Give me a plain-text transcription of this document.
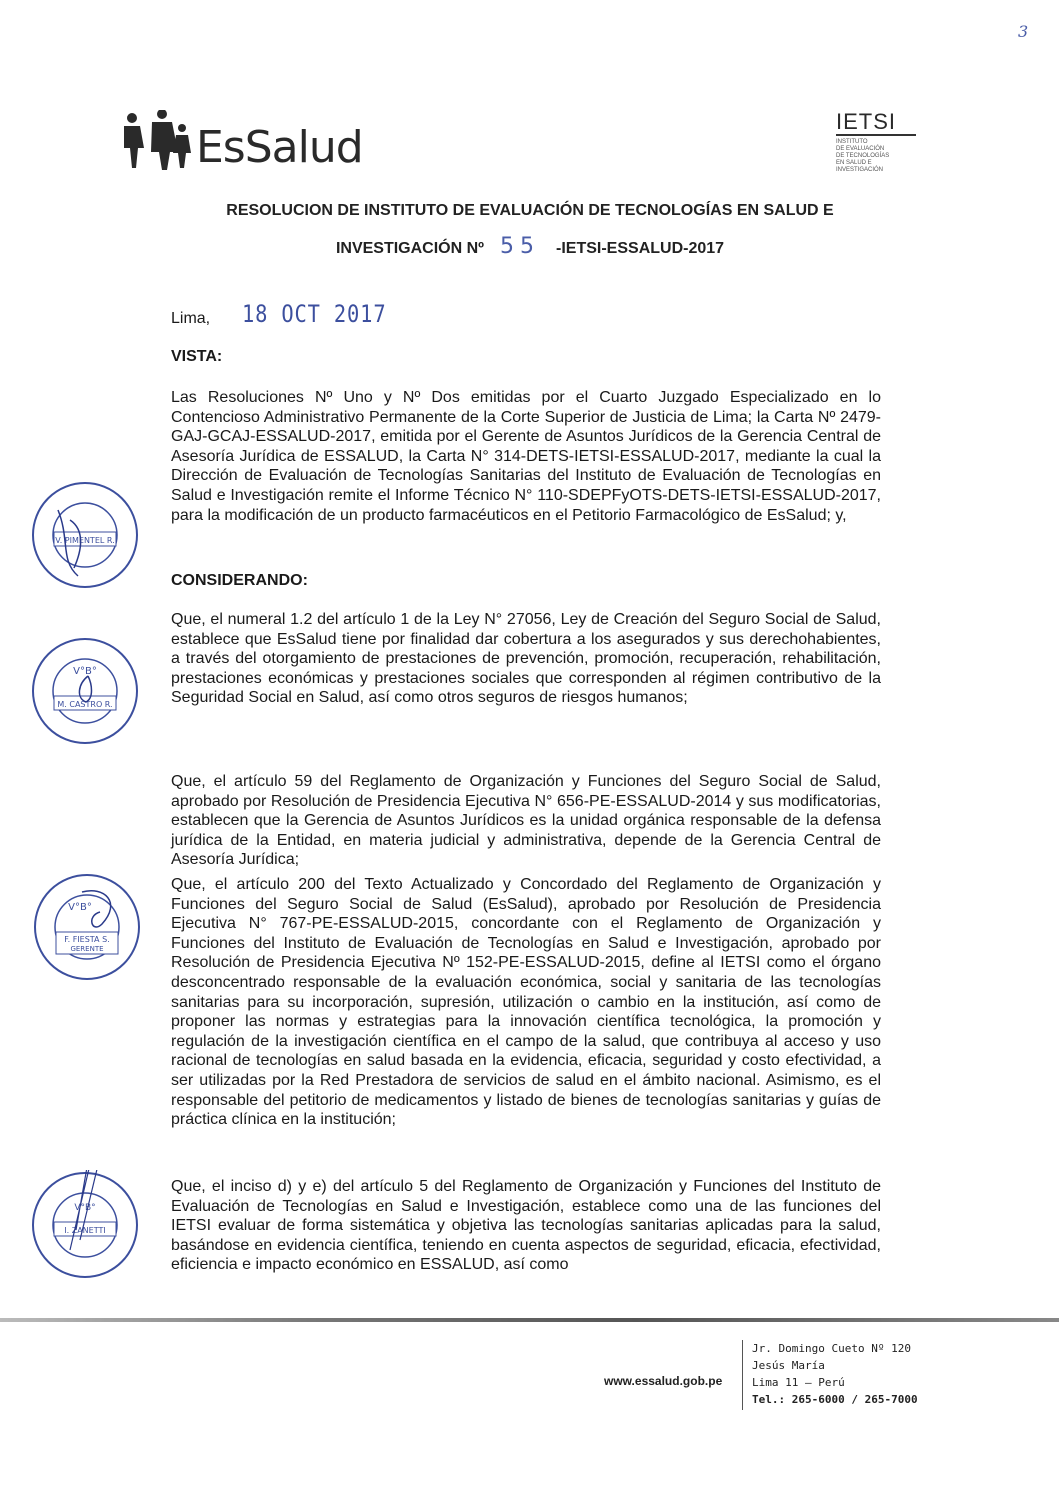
3
EsSalud
IETSI
INSTITUTO
DE EVALUACIÓN
DE TECNOLOGÍAS
EN SALUD E
INVESTIGACIÓN
RESOLUCION DE INSTITUTO DE EVALUACIÓN DE TECNOLOGÍAS EN SALUD E
INVESTIGACIÓN Nº 55 -IETSI-ESSALUD-2017
Lima, 18 OCT 2017
VISTA:
Las Resoluciones Nº Uno y Nº Dos emitidas por el Cuarto Juzgado Especializado en lo Contencioso Administrativo Permanente de la Corte Superior de Justicia de Lima; la Carta Nº 2479-GAJ-GCAJ-ESSALUD-2017, emitida por el Gerente de Asuntos Jurídicos de la Gerencia Central de Asesoría Jurídica de ESSALUD, la Carta N° 314-DETS-IETSI-ESSALUD-2017, mediante la cual la Dirección de Evaluación de Tecnologías Sanitarias del Instituto de Evaluación de Tecnologías en Salud e Investigación remite el Informe Técnico N° 110-SDEPFyOTS-DETS-IETSI-ESSALUD-2017, para la modificación de un producto farmacéuticos en el Petitorio Farmacológico de EsSalud; y,
CONSIDERANDO:
Que, el numeral 1.2 del artículo 1 de la Ley N° 27056, Ley de Creación del Seguro Social de Salud, establece que EsSalud tiene por finalidad dar cobertura a los asegurados y sus derechohabientes, a través del otorgamiento de prestaciones de prevención, promoción, recuperación, rehabilitación, prestaciones económicas y prestaciones sociales que corresponden al régimen contributivo de la Seguridad Social en Salud, así como otros seguros de riesgos humanos;
Que, el artículo 59 del Reglamento de Organización y Funciones del Seguro Social de Salud, aprobado por Resolución de Presidencia Ejecutiva N° 656-PE-ESSALUD-2014 y sus modificatorias, establecen que la Gerencia de Asuntos Jurídicos es la unidad orgánica responsable de la defensa jurídica de la Entidad, en materia judicial y administrativa, depende de la Gerencia Central de Asesoría Jurídica;
Que, el artículo 200 del Texto Actualizado y Concordado del Reglamento de Organización y Funciones del Seguro Social de Salud (EsSalud), aprobado por Resolución de Presidencia Ejecutiva N° 767-PE-ESSALUD-2015, concordante con el Reglamento de Organización y Funciones del Instituto de Evaluación de Tecnologías en Salud e Investigación, aprobado por Resolución de Presidencia Ejecutiva Nº 152-PE-ESSALUD-2015, define al IETSI como el órgano desconcentrado responsable de la evaluación económica, social y sanitaria de las tecnologías sanitarias para su incorporación, supresión, utilización o cambio en la institución, así como de proponer las normas y estrategias para la innovación científica tecnológica, la promoción y regulación de la investigación científica en el campo de la salud, que contribuya al acceso y uso racional de tecnologías en salud basada en la evidencia, eficacia, seguridad y costo efectividad, a ser utilizadas por la Red Prestadora de servicios de salud en el ámbito nacional. Asimismo, es el responsable del petitorio de medicamentos y listado de bienes de tecnologías sanitarias y guías de práctica clínica en la institución;
Que, el inciso d) y e) del artículo 5 del Reglamento de Organización y Funciones del Instituto de Evaluación de Tecnologías en Salud e Investigación, establece como una de las funciones del IETSI evaluar de forma sistemática y objetiva las tecnologías sanitarias aplicadas para la salud, basándose en evidencia científica, teniendo en cuenta aspectos de seguridad, eficacia, efectividad, eficiencia e impacto económico en ESSALUD, así como
V. PIMENTEL R.
V°B°
M. CASTRO R.
V°B°
F. FIESTA S.
GERENTE
V°B°
I. ZANETTI
www.essalud.gob.pe
Jr. Domingo Cueto Nº 120
Jesús María
Lima 11 – Perú
Tel.: 265-6000 / 265-7000
